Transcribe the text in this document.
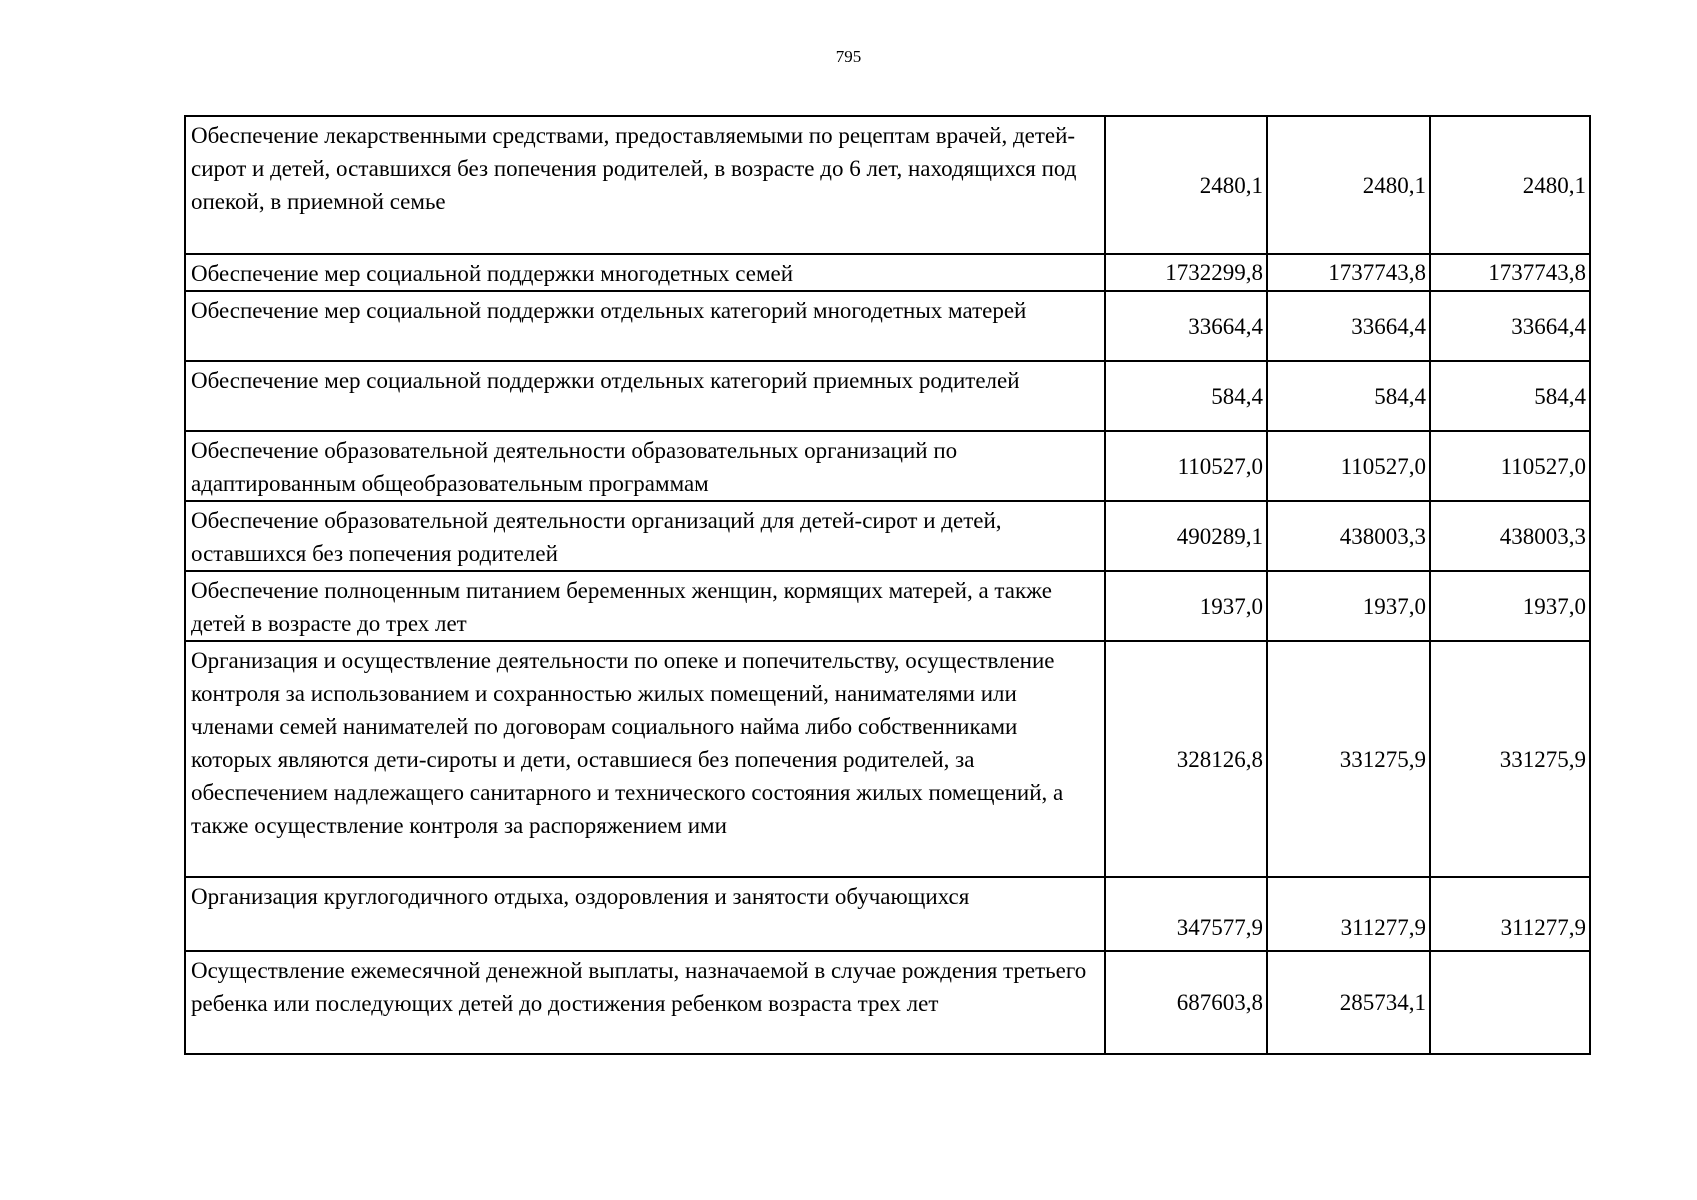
795
Обеспечение лекарственными средствами, предоставляемыми по рецептам врачей, детей-сирот и детей, оставшихся без попечения родителей, в возрасте до 6 лет, находящихся под опекой, в приемной семье	2480,1	2480,1	2480,1
Обеспечение мер социальной поддержки многодетных семей	1732299,8	1737743,8	1737743,8
Обеспечение мер социальной поддержки отдельных категорий многодетных матерей	33664,4	33664,4	33664,4
Обеспечение мер социальной поддержки отдельных категорий приемных родителей	584,4	584,4	584,4
Обеспечение образовательной деятельности образовательных организаций по адаптированным общеобразовательным программам	110527,0	110527,0	110527,0
Обеспечение образовательной деятельности организаций для детей-сирот и детей, оставшихся без попечения родителей	490289,1	438003,3	438003,3
Обеспечение полноценным питанием беременных женщин, кормящих матерей, а также детей в возрасте до трех лет	1937,0	1937,0	1937,0
Организация и осуществление деятельности по опеке и попечительству, осуществление контроля за использованием и сохранностью жилых помещений, нанимателями или членами семей нанимателей по договорам социального найма либо собственниками которых являются дети-сироты и дети, оставшиеся без попечения родителей, за обеспечением надлежащего санитарного и технического состояния жилых помещений, а также осуществление контроля за распоряжением ими	328126,8	331275,9	331275,9
Организация круглогодичного отдыха, оздоровления и занятости обучающихся	347577,9	311277,9	311277,9
Осуществление ежемесячной денежной выплаты, назначаемой в случае рождения третьего ребенка или последующих детей до достижения ребенком возраста трех лет	687603,8	285734,1	
